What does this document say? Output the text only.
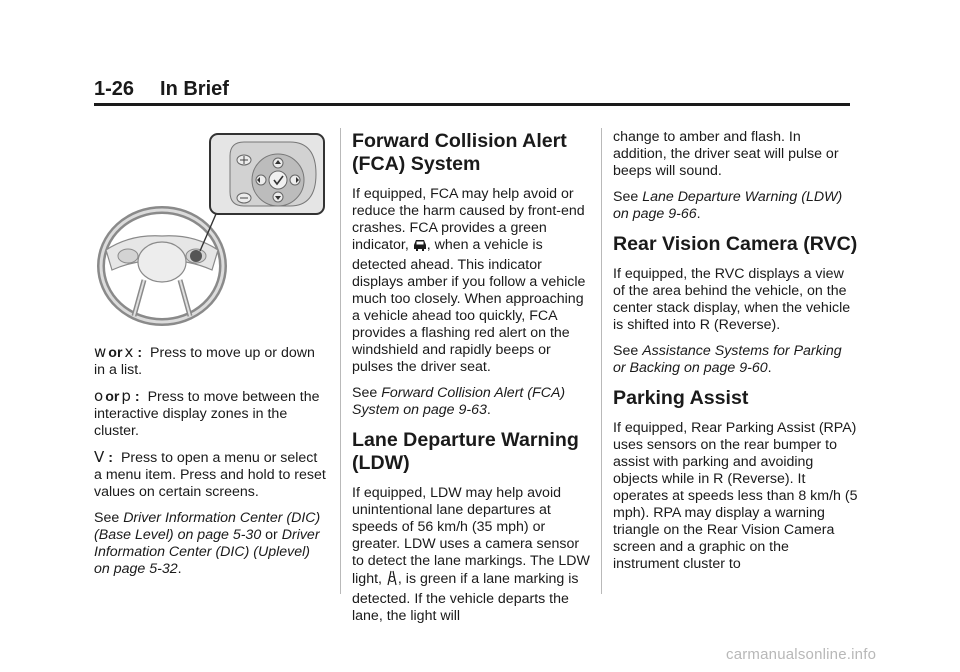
1-26 In Brief

w or x : Press to move up or down in a list.

o or p : Press to move between the interactive display zones in the cluster.

V : Press to open a menu or select a menu item. Press and hold to reset values on certain screens.

See Driver Information Center (DIC) (Base Level) on page 5-30 or Driver Information Center (DIC) (Uplevel) on page 5-32.

Forward Collision Alert (FCA) System

If equipped, FCA may help avoid or reduce the harm caused by front-end crashes. FCA provides a green indicator, , when a vehicle is detected ahead. This indicator displays amber if you follow a vehicle much too closely. When approaching a vehicle ahead too quickly, FCA provides a flashing red alert on the windshield and rapidly beeps or pulses the driver seat.

See Forward Collision Alert (FCA) System on page 9-63.

Lane Departure Warning (LDW)

If equipped, LDW may help avoid unintentional lane departures at speeds of 56 km/h (35 mph) or greater. LDW uses a camera sensor to detect the lane markings. The LDW light, , is green if a lane marking is detected. If the vehicle departs the lane, the light will

change to amber and flash. In addition, the driver seat will pulse or beeps will sound.

See Lane Departure Warning (LDW) on page 9-66.

Rear Vision Camera (RVC)

If equipped, the RVC displays a view of the area behind the vehicle, on the center stack display, when the vehicle is shifted into R (Reverse).

See Assistance Systems for Parking or Backing on page 9-60.

Parking Assist

If equipped, Rear Parking Assist (RPA) uses sensors on the rear bumper to assist with parking and avoiding objects while in R (Reverse). It operates at speeds less than 8 km/h (5 mph). RPA may display a warning triangle on the Rear Vision Camera screen and a graphic on the instrument cluster to

carmanualsonline.info
